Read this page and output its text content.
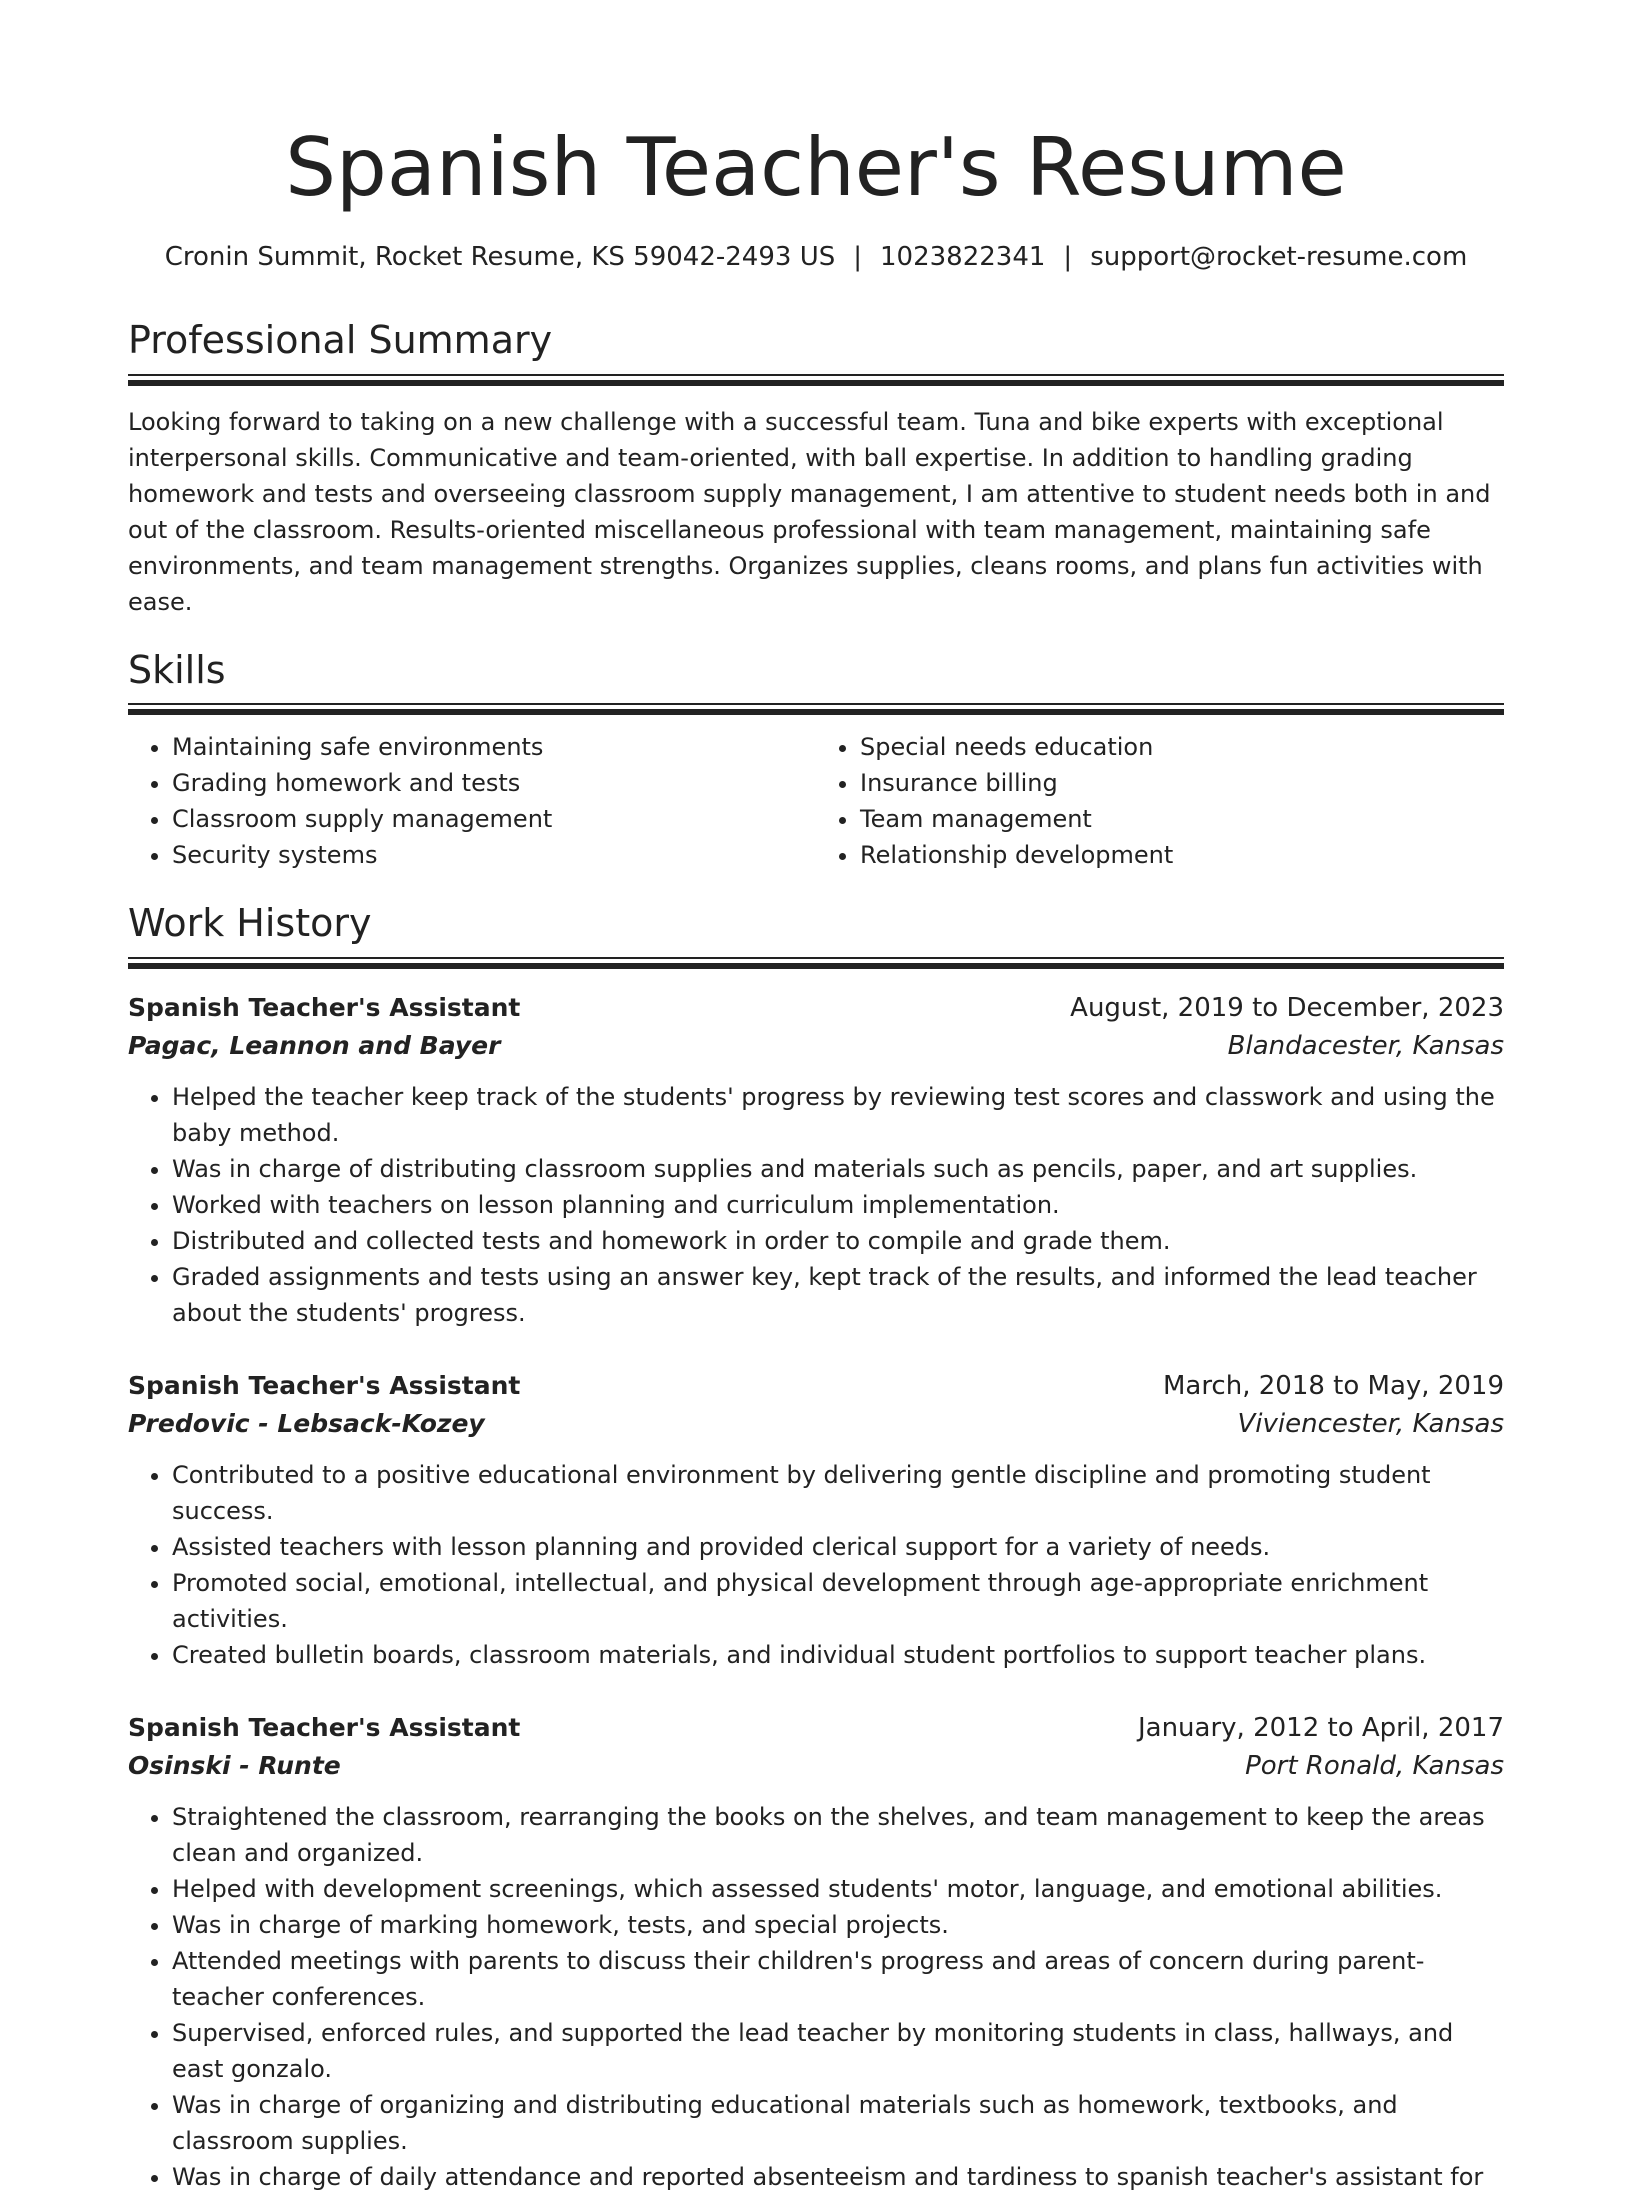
Spanish Teacher's Resume
Cronin Summit, Rocket Resume, KS 59042-2493 US | 1023822341 | support@rocket-resume.com
Professional Summary

Looking forward to taking on a new challenge with a successful team. Tuna and bike experts with exceptional interpersonal skills. Communicative and team-oriented, with ball expertise. In addition to handling grading homework and tests and overseeing classroom supply management, I am attentive to student needs both in and out of the classroom. Results-oriented miscellaneous professional with team management, maintaining safe environments, and team management strengths. Organizes supplies, cleans rooms, and plans fun activities with ease.

Skills
• Maintaining safe environments
• Grading homework and tests
• Classroom supply management
• Security systems
• Special needs education
• Insurance billing
• Team management
• Relationship development
Work History
Spanish Teacher's Assistant	August, 2019 to December, 2023
Pagac, Leannon and Bayer	Blandacester, Kansas
• Helped the teacher keep track of the students' progress by reviewing test scores and classwork and using the baby method.
• Was in charge of distributing classroom supplies and materials such as pencils, paper, and art supplies.
• Worked with teachers on lesson planning and curriculum implementation.
• Distributed and collected tests and homework in order to compile and grade them.
• Graded assignments and tests using an answer key, kept track of the results, and informed the lead teacher about the students' progress.
Spanish Teacher's Assistant	March, 2018 to May, 2019
Predovic - Lebsack-Kozey	Viviencester, Kansas
• Contributed to a positive educational environment by delivering gentle discipline and promoting student success.
• Assisted teachers with lesson planning and provided clerical support for a variety of needs.
• Promoted social, emotional, intellectual, and physical development through age-appropriate enrichment activities.
• Created bulletin boards, classroom materials, and individual student portfolios to support teacher plans.
Spanish Teacher's Assistant	January, 2012 to April, 2017
Osinski - Runte	Port Ronald, Kansas
• Straightened the classroom, rearranging the books on the shelves, and team management to keep the areas clean and organized.
• Helped with development screenings, which assessed students' motor, language, and emotional abilities.
• Was in charge of marking homework, tests, and special projects.
• Attended meetings with parents to discuss their children's progress and areas of concern during parent-teacher conferences.
• Supervised, enforced rules, and supported the lead teacher by monitoring students in class, hallways, and east gonzalo.
• Was in charge of organizing and distributing educational materials such as homework, textbooks, and classroom supplies.
• Was in charge of daily attendance and reported absenteeism and tardiness to spanish teacher's assistant for
